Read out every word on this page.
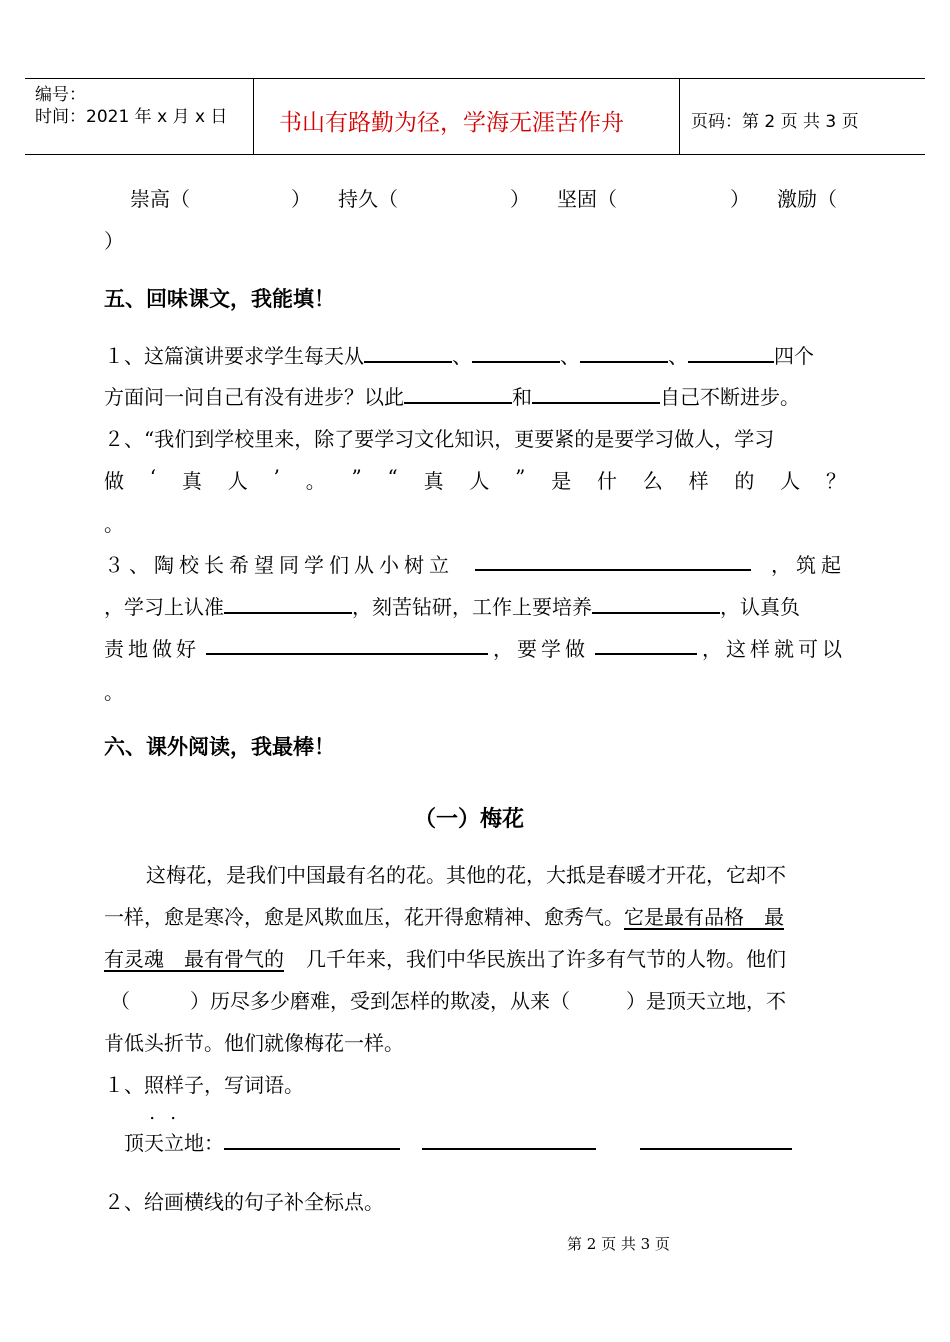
编号：
时间：2021 年 x 月 x 日 书山有路勤为径，学海无涯苦作舟	页码：第 2 页 共 3 页
崇高（	） 持久（	） 坚固（	） 激励（
）
五、回味课文，我能填！
１、这篇演讲要求学生每天从	、	、	、	四个
方面问一问自己有没有进步？以此	和	自己不断进步。
２、“我们到学校里来，除了要学习文化知识，更要紧的是要学习做人，学习
做 ‘ 真 人 ’ 。 ” “ 真 人 ” 是 什 么 样 的 人 ？
。
３、陶校长希望同学们从小树立	，筑起
，学习上认准	，刻苦钻研，工作上要培养	，认真负
责地做好	，要学做	，这样就可以
。
六、课外阅读，我最棒！
（一）梅花
这梅花，是我们中国最有名的花。其他的花，大抵是春暖才开花，它却不
一样，愈是寒冷，愈是风欺血压，花开得愈精神、愈秀气。它是最有品格　最
有灵魂　最有骨气的 几千年来，我们中华民族出了许多有气节的人物。他们
（	）历尽多少磨难，受到怎样的欺凌，从来（	）是顶天立地，不
肯低头折节。他们就像梅花一样。
１、照样子，写词语。
．　．
顶天立地：
２、给画横线的句子补全标点。
第 2 页 共 3 页
